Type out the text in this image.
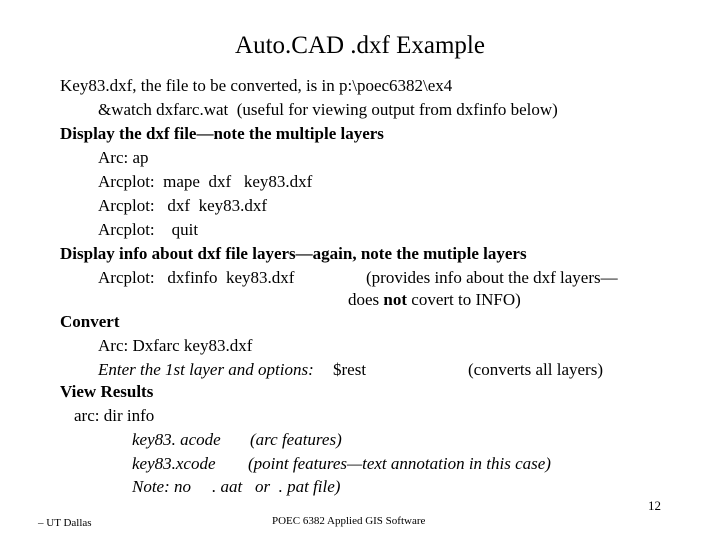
Auto.CAD .dxf Example
Key83.dxf, the file to be converted, is in p:\poec6382\ex4
&watch dxfarc.wat  (useful for viewing output from dxfinfo below)
Display the dxf file—note the multiple layers
Arc: ap
Arcplot:  mape  dxf   key83.dxf
Arcplot:   dxf  key83.dxf
Arcplot:    quit
Display info about dxf file layers—again, note the mutiple layers
Arcplot:   dxfinfo  key83.dxf	(provides info about the dxf layers—
does not covert to INFO)
Convert
Arc: Dxfarc key83.dxf
Enter the 1st layer and options: $rest	(converts all layers)
View Results
arc: dir info
key83. acode (arc features)
key83.xcode (point features—text annotation in this case)
Note: no . aat   or  . pat file)
12
– UT Dallas	POEC 6382 Applied GIS Software
